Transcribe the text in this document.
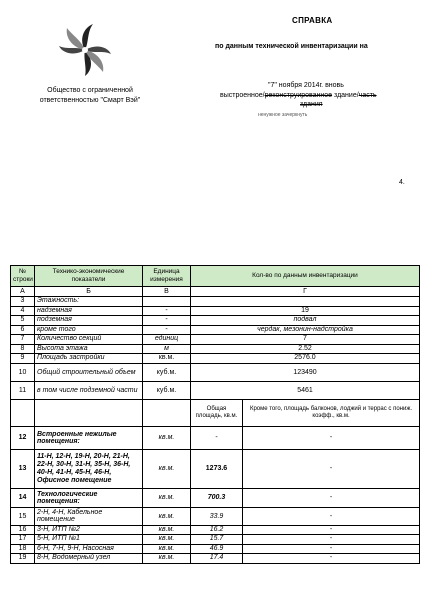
Общество с ограниченной
ответственностью "Смарт Вэй"
СПРАВКА
по данным технической инвентаризации на
"7" ноября 2014г. вновь
выстроенное/реконструированное здание/часть
здания
ненужное зачеркнуть
4.
№ строки	Технико-экономические показатели	Единица измерения	Кол-во по данным инвентаризации	
А	Б	В	Г	
3	Этажность:			
4	надземная	-	19	
5	подземная	-	подвал	
6	кроме того	-	чердак, мезонин-надстройка	
7	Количество секций	единиц	7	
8	Высота этажа	м	2.52	
9	Площадь застройки	кв.м.	2576.0	
10	Общий строительный объем	куб.м.	123490	
11	в том числе подземной части	куб.м.	5461	
			Общая площадь, кв.м.	Кроме того, площадь балконов, лоджий и террас с пониж. коэфф., кв.м.
12	Встроенные нежилые помещения:	кв.м.	-	-
13	11-Н, 12-Н, 19-Н, 20-Н, 21-Н, 22-Н, 30-Н, 31-Н, 35-Н, 36-Н, 40-Н, 41-Н, 45-Н, 46-Н, Офисное помещение	кв.м.	1273.6	-
14	Технологические помещения:	кв.м.	700.3	-
15	2-Н, 4-Н, Кабельное помещение	кв.м.	33.9	-
16	3-Н, ИТП №2	кв.м.	16.2	-
17	5-Н, ИТП №1	кв.м.	15.7	-
18	6-Н, 7-Н, 9-Н, Насосная	кв.м.	46.9	-
19	8-Н, Водомерный узел	кв.м.	17.4	-
